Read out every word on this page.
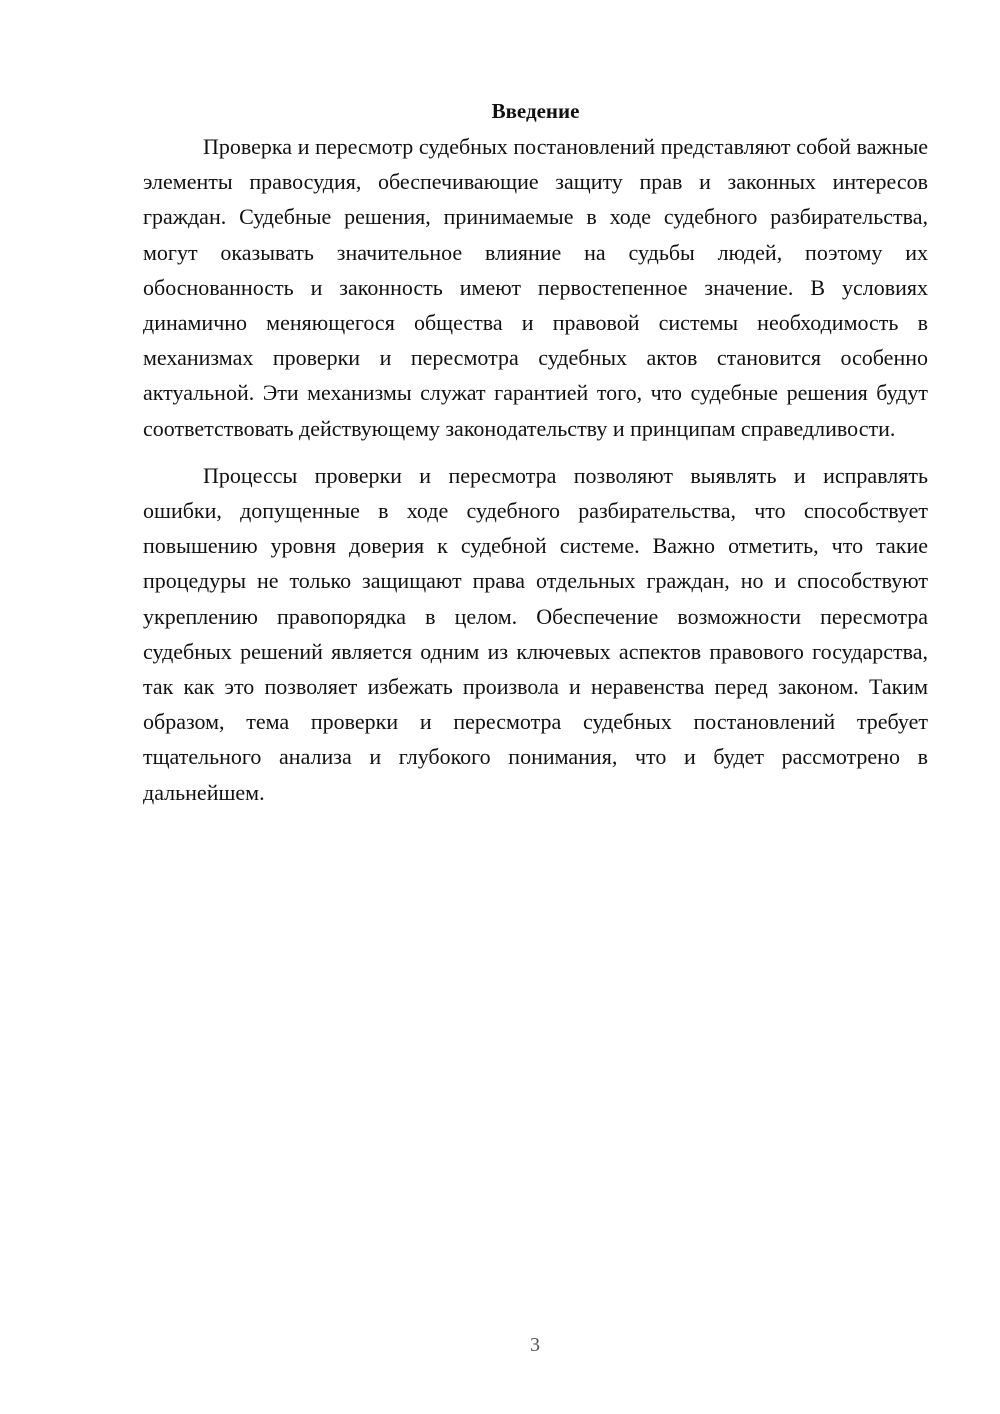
Введение

Проверка и пересмотр судебных постановлений представляют собой важные элементы правосудия, обеспечивающие защиту прав и законных интересов граждан. Судебные решения, принимаемые в ходе судебного разбирательства, могут оказывать значительное влияние на судьбы людей, поэтому их обоснованность и законность имеют первостепенное значение. В условиях динамично меняющегося общества и правовой системы необходимость в механизмах проверки и пересмотра судебных актов становится особенно актуальной. Эти механизмы служат гарантией того, что судебные решения будут соответствовать действующему законодательству и принципам справедливости.

Процессы проверки и пересмотра позволяют выявлять и исправлять ошибки, допущенные в ходе судебного разбирательства, что способствует повышению уровня доверия к судебной системе. Важно отметить, что такие процедуры не только защищают права отдельных граждан, но и способствуют укреплению правопорядка в целом. Обеспечение возможности пересмотра судебных решений является одним из ключевых аспектов правового государства, так как это позволяет избежать произвола и неравенства перед законом. Таким образом, тема проверки и пересмотра судебных постановлений требует тщательного анализа и глубокого понимания, что и будет рассмотрено в дальнейшем.

3
